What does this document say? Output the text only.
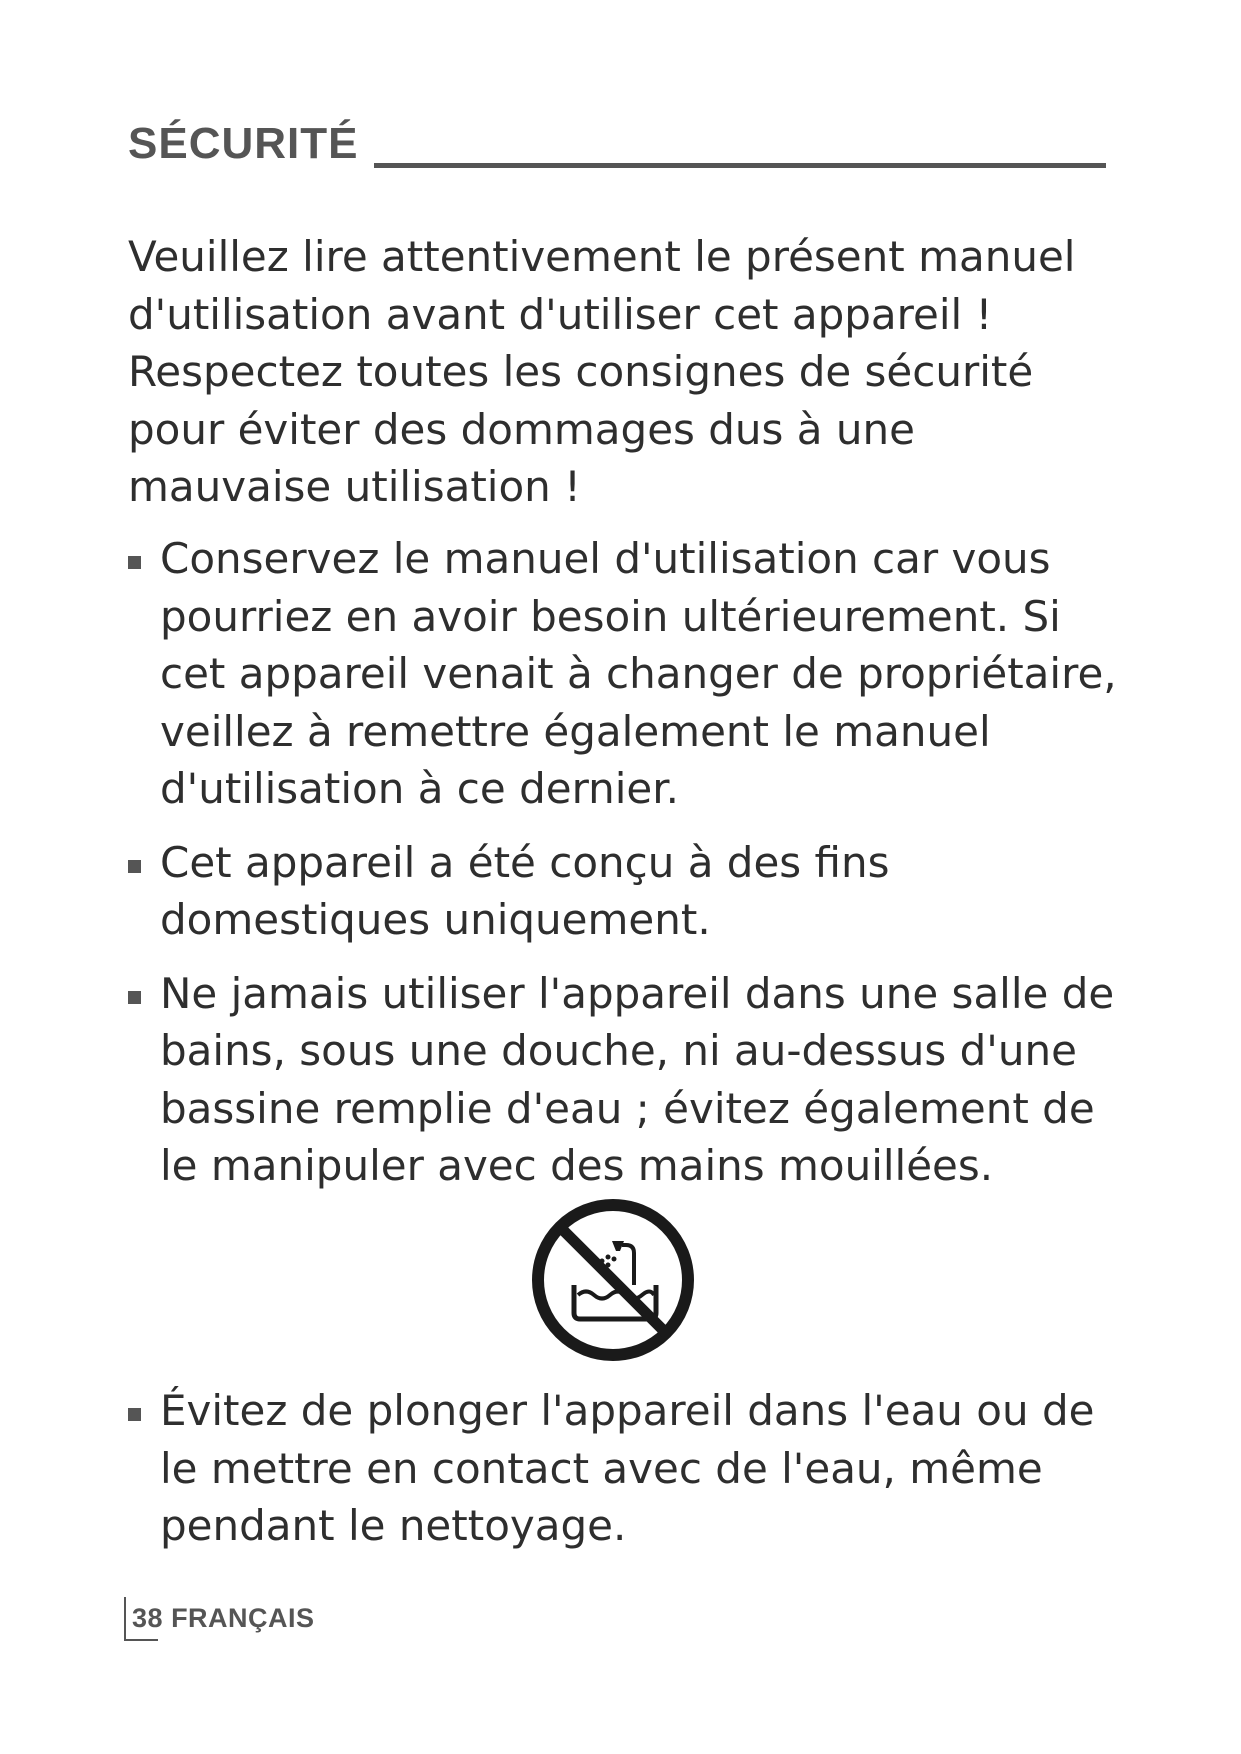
SÉCURITÉ

Veuillez lire attentivement le présent manuel d'utilisation avant d'utiliser cet appareil ! Respectez toutes les consignes de sécurité pour éviter des dommages dus à une mauvaise utilisation !

Conservez le manuel d'utilisation car vous pourriez en avoir besoin ultérieurement. Si cet appareil venait à changer de propriétaire, veillez à remettre également le manuel d'utilisation à ce dernier.
Cet appareil a été conçu à des fins domestiques uniquement.
Ne jamais utiliser l'appareil dans une salle de bains, sous une douche, ni au-dessus d'une bassine remplie d'eau ; évitez également de le manipuler avec des mains mouillées.
Évitez de plonger l'appareil dans l'eau ou de le mettre en contact avec de l'eau, même pendant le nettoyage.
38 FRANÇAIS
